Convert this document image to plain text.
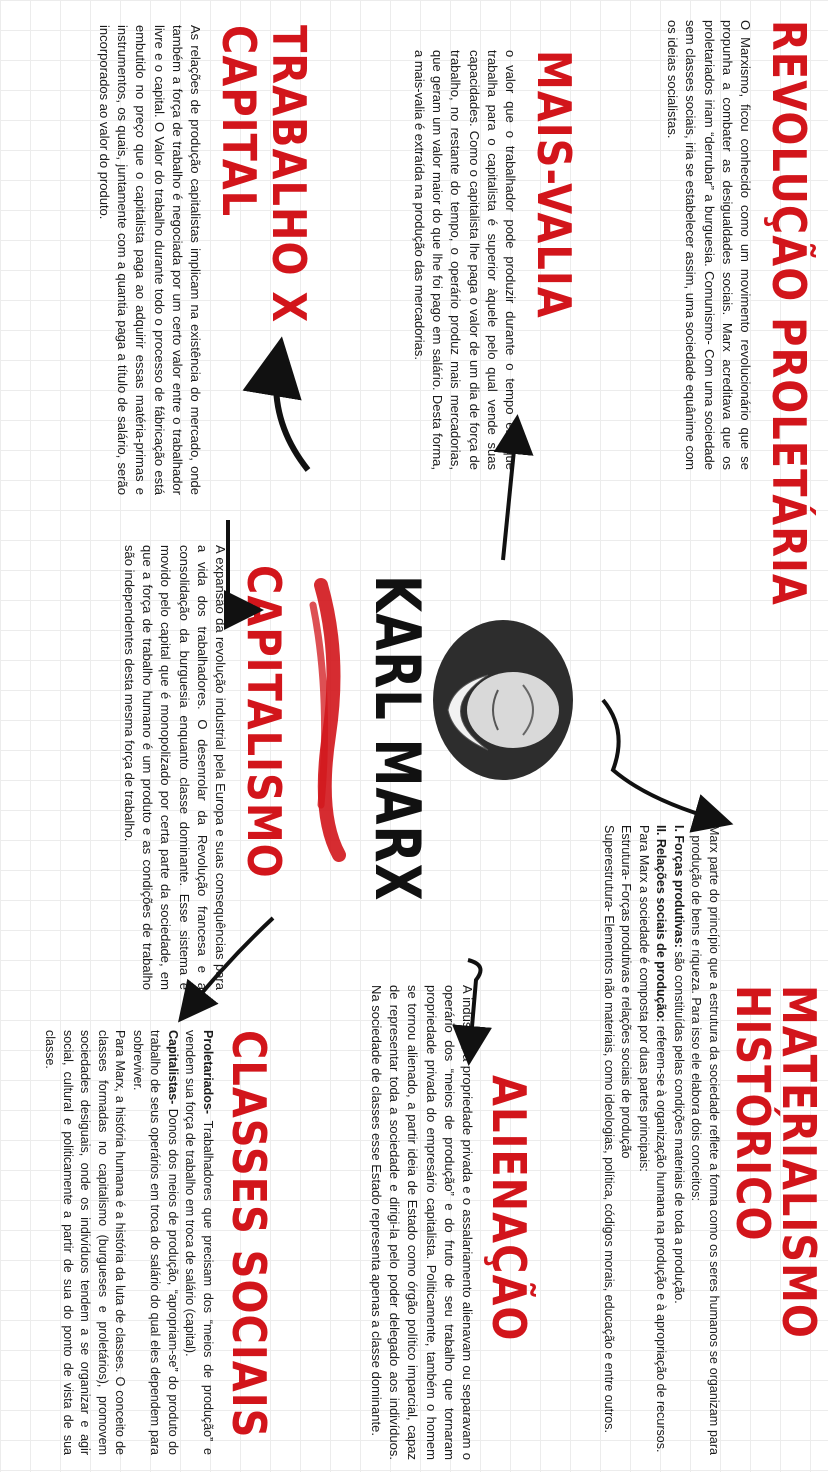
REVOLUÇÃO PROLETÁRIA

O Marxismo, ficou conhecido como um movimento revolucionário que se propunha a combater as desigualdades sociais. Marx acreditava que os proletariados iriam “derrubar” a burguesia. Comunismo- Com uma sociedade sem classes sociais, iria se estabelecer assim, uma sociedade equânime com os ideias socialistas.

MAIS-VALIA

o valor que o trabalhador pode produzir durante o tempo em que trabalha para o capitalista é superior àquele pelo qual vende suas capacidades. Como o capitalista lhe paga o valor de um dia de força de trabalho, no restante do tempo, o operário produz mais mercadorias, que geram um valor maior do que lhe foi pago em salário. Desta forma, a mais-valia é extraída na produção das mercadorias.

TRABALHO X
CAPITAL

As relações de produção capitalistas implicam na existência do mercado, onde também a força de trabalho é negociada por um certo valor entre o trabalhador livre e o capital. O Valor do trabalho durante todo o processo de fábricação está embutido no preço que o capitalista paga ao adquirir essas matéria-primas e instrumentos, os quais, juntamente com a quantia paga a título de salário, serão incorporados ao valor do produto.

KARL MARX
CAPITALISMO

A expansão da revolução industrial pela Europa e suas consequências para a vida dos trabalhadores. O desenrolar da Revolução francesa e a consolidação da burguesia enquanto classe dominante. Esse sistema é movido pelo capital que é monopolizado por certa parte da sociedade, em que a força de trabalho humano é um produto e as condições de trabalho são independentes desta mesma força de trabalho.

MATERIALISMO
HISTÓRICO

Marx parte do princípio que a estrutura da sociedade reflete a forma como os seres humanos se organizam para a produção de bens e riqueza. Para isso ele elabora dois conceitos:

I. Forças produtivas: são constituídas pelas condições materiais de toda a produção.

II. Relações sociais de produção: referem-se à organização humana na produção e à apropriação de recursos.

Para Marx a sociedade é composta por duas partes principais:

Estrutura- Forças produtivas e relações sociais de produção

Superestrutura- Elementos não materiais, como ideologias, política, códigos morais, educação e entre outros.

ALIENAÇÃO

A indústria, a propriedade privada e o assalariamento alienavam ou separavam o operário dos “meios de produção” e do fruto de seu trabalho que tornaram propriedade privada do empresário capitalista. Politicamente, também o homem se tornou alienado, a partir ideia de Estado como órgão político imparcial, capaz de representar toda a sociedade e dirigi-la pelo poder delegado aos indivíduos. Na sociedade de classes esse Estado representa apenas a classe dominante.

CLASSES SOCIAIS

Proletariados- Trabalhadores que precisam dos “meios de produção” e vendem sua força de trabalho em troca de salário (capital).

Capitalistas- Donos dos meios de produção, “apropriam-se” do produto do trabalho de seus operários em troca do salário do qual eles dependem para sobreviver.

Para Marx, a história humana é a história da luta de classes. O conceito de classes formadas no capitalismo (burgueses e proletários), promovem sociedades desiguais, onde os indivíduos tendem a se organizar e agir social, cultural e politicamente a partir de sua do ponto de vista de sua classe.
